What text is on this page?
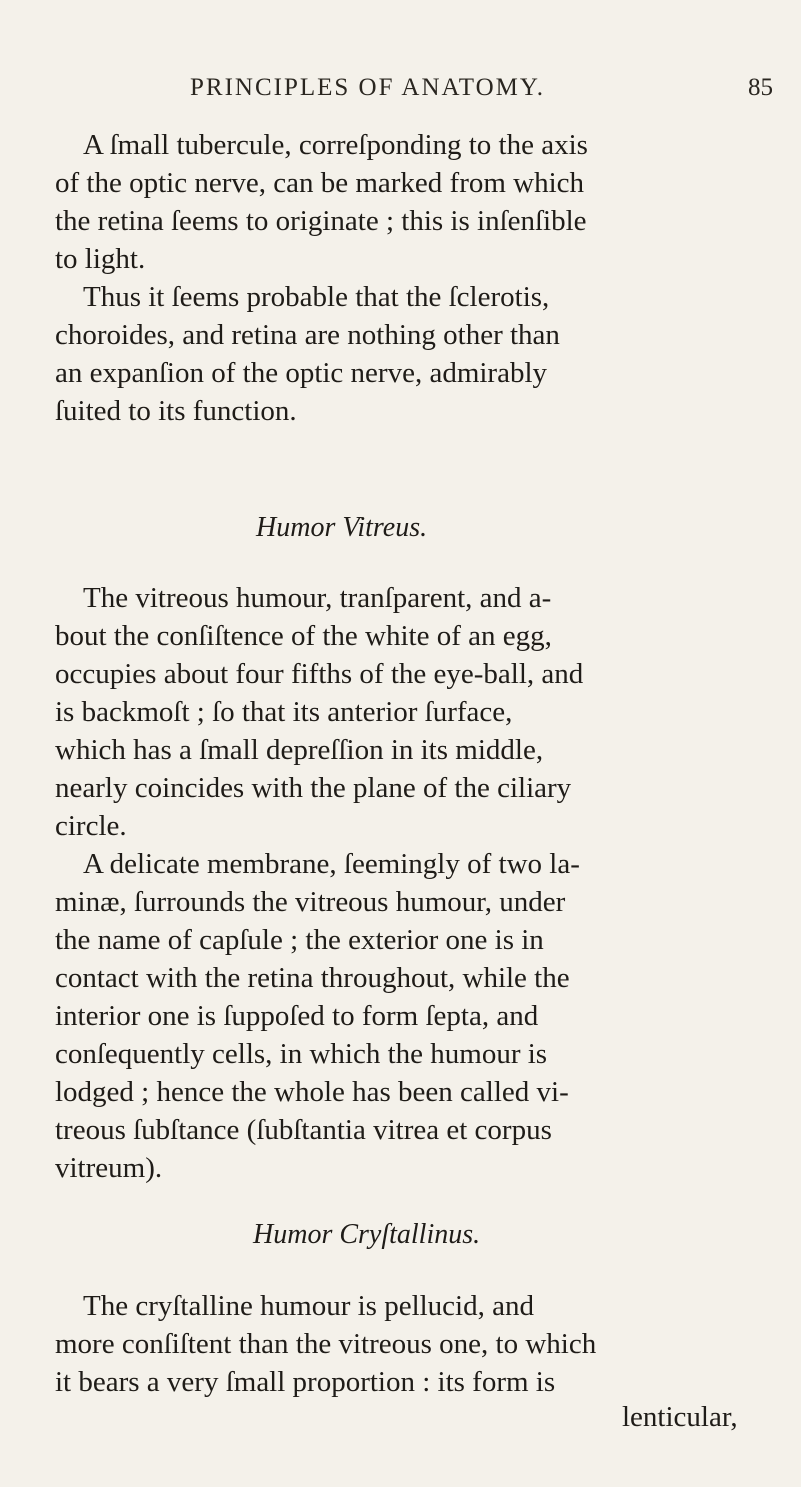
PRINCIPLES OF ANATOMY.	85
A ſmall tubercule, correſponding to the axis
of the optic nerve, can be marked from which
the retina ſeems to originate ; this is inſenſible
to light.
Thus it ſeems probable that the ſclerotis,
choroides, and retina are nothing other than
an expanſion of the optic nerve, admirably
ſuited to its function.
Humor Vitreus.
The vitreous humour, tranſparent, and a-
bout the conſiſtence of the white of an egg,
occupies about four fifths of the eye-ball, and
is backmoſt ; ſo that its anterior ſurface,
which has a ſmall depreſſion in its middle,
nearly coincides with the plane of the ciliary
circle.
A delicate membrane, ſeemingly of two la-
minæ, ſurrounds the vitreous humour, under
the name of capſule ; the exterior one is in
contact with the retina throughout, while the
interior one is ſuppoſed to form ſepta, and
conſequently cells, in which the humour is
lodged ; hence the whole has been called vi-
treous ſubſtance (ſubſtantia vitrea et corpus
vitreum).
Humor Cryſtallinus.
The cryſtalline humour is pellucid, and
more conſiſtent than the vitreous one, to which
it bears a very ſmall proportion : its form is
lenticular,
